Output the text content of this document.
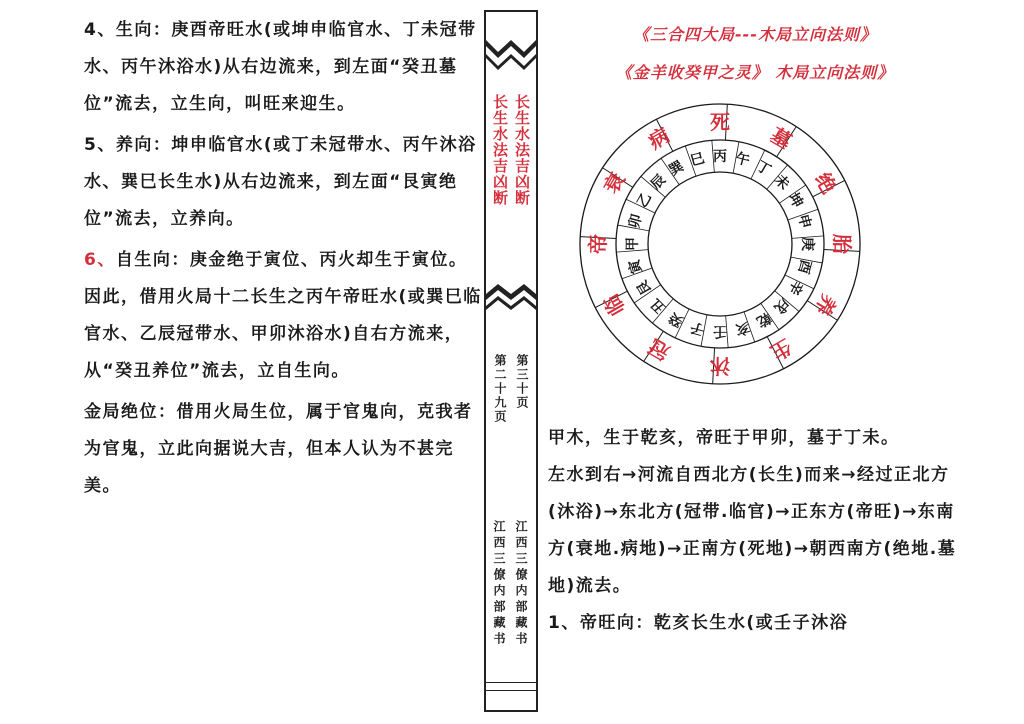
4、生向：庚酉帝旺水(或坤申临官水、丁未冠带水、丙午沐浴水)从右边流来，到左面“癸丑墓位”流去，立生向，叫旺来迎生。

5、养向：坤申临官水(或丁未冠带水、丙午沐浴水、巽巳长生水)从右边流来，到左面“艮寅绝位”流去，立养向。

6、自生向：庚金绝于寅位、丙火却生于寅位。因此，借用火局十二长生之丙午帝旺水(或巽巳临官水、乙辰冠带水、甲卯沐浴水)自右方流来，从“癸丑养位”流去，立自生向。

金局绝位：借用火局生位，属于官鬼向，克我者为官鬼，立此向据说大吉，但本人认为不甚完美。

长生水法吉凶断 长生水法吉凶断
第二十九页 第三十页
江西三僚内部藏书 江西三僚内部藏书
《三合四大局---木局立向法则》
《金羊收癸甲之灵》 木局立向法则》
帝
衰
病
死
墓
绝
胎
养
生
沐
冠
临
甲
卯
乙
辰
巽 巳 丙 午 丁
未
坤
申
庚
酉
辛
戌
乾
亥
壬
子
癸
丑
艮
寅

甲木，生于乾亥，帝旺于甲卯，墓于丁未。

左水到右→河流自西北方(长生)而来→经过正北方(沐浴)→东北方(冠带.临官)→正东方(帝旺)→东南方(衰地.病地)→正南方(死地)→朝西南方(绝地.墓地)流去。

1、帝旺向：乾亥长生水(或壬子沐浴
